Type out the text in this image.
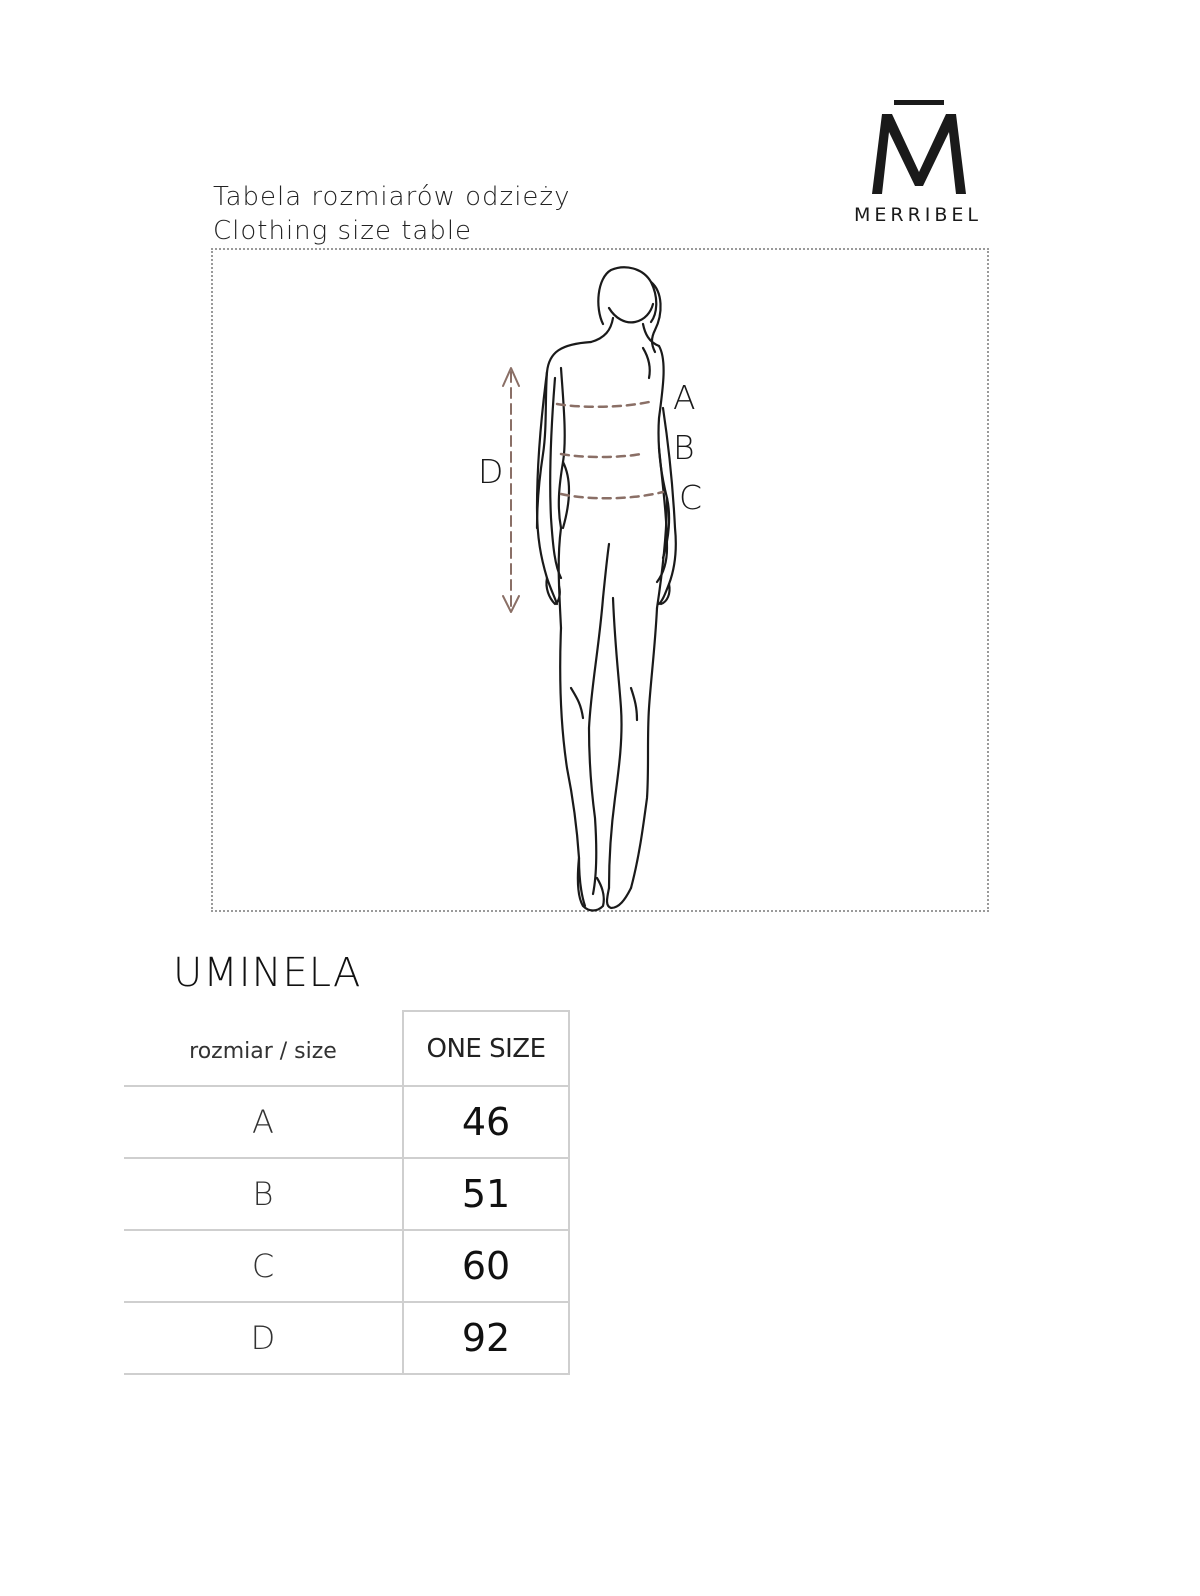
Tabela rozmiarów odzieży
Clothing size table
MERRIBEL
A
B
C
D
UMINELA
rozmiar / size	ONE SIZE
A	46
B	51
C	60
D	92
